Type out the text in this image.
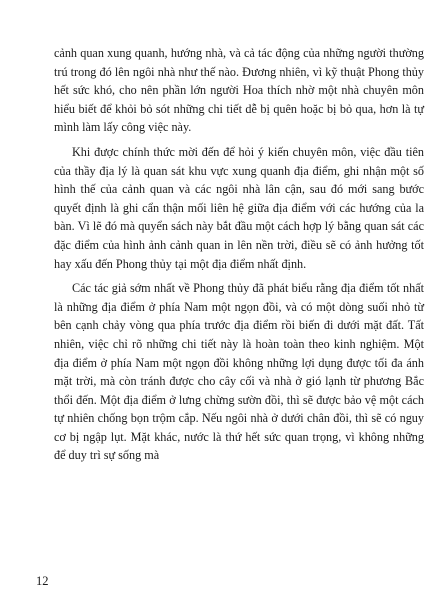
cảnh quan xung quanh, hướng nhà, và cả tác động của những người thường trú trong đó lên ngôi nhà như thế nào. Đương nhiên, vì kỹ thuật Phong thủy hết sức khó, cho nên phần lớn người Hoa thích nhờ một nhà chuyên môn hiểu biết để khỏi bỏ sót những chi tiết dễ bị quên hoặc bị bỏ qua, hơn là tự mình làm lấy công việc này.

Khi được chính thức mời đến để hỏi ý kiến chuyên môn, việc đầu tiên của thầy địa lý là quan sát khu vực xung quanh địa điểm, ghi nhận một số hình thế của cảnh quan và các ngôi nhà lân cận, sau đó mới sang bước quyết định là ghi cẩn thận mối liên hệ giữa địa điểm với các hướng của la bàn. Vì lẽ đó mà quyển sách này bắt đầu một cách hợp lý bằng quan sát các đặc điểm của hình ảnh cảnh quan in lên nền trời, điều sẽ có ảnh hưởng tốt hay xấu đến Phong thủy tại một địa điểm nhất định.

Các tác giả sớm nhất về Phong thủy đã phát biểu rằng địa điểm tốt nhất là những địa điểm ở phía Nam một ngọn đồi, và có một dòng suối nhỏ từ bên cạnh chảy vòng qua phía trước địa điểm rồi biến đi dưới mặt đất. Tất nhiên, việc chỉ rõ những chi tiết này là hoàn toàn theo kinh nghiệm. Một địa điểm ở phía Nam một ngọn đồi không những lợi dụng được tối đa ánh mặt trời, mà còn tránh được cho cây cối và nhà ở gió lạnh từ phương Bắc thổi đến. Một địa điểm ở lưng chừng sườn đồi, thì sẽ được bảo vệ một cách tự nhiên chống bọn trộm cắp. Nếu ngôi nhà ở dưới chân đồi, thì sẽ có nguy cơ bị ngập lụt. Mặt khác, nước là thứ hết sức quan trọng, vì không những để duy trì sự sống mà

12
